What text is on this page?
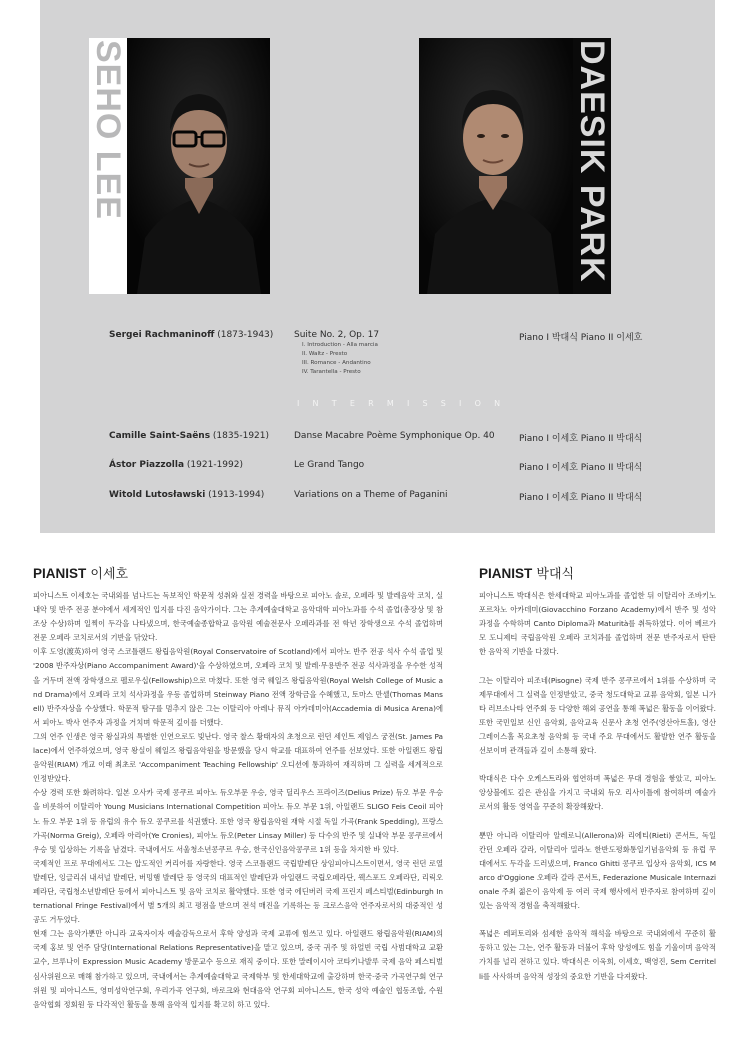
SEHO LEE	DAESIK PARK
Sergei Rachmaninoff (1873-1943) Suite No. 2, Op. 17	Piano I 박대식 Piano II 이세호
I. Introduction - Alla marcia
II. Waltz - Presto
III. Romance - Andantino
IV. Tarantella - Presto
INTERMISSION
Camille Saint-Saëns (1835-1921)	Danse Macabre Poème Symphonique Op. 40	Piano I 이세호 Piano II 박대식
Ástor Piazzolla (1921-1992)	Le Grand Tango	Piano I 이세호 Piano II 박대식
Witold Lutosławski (1913-1994)	Variations on a Theme of Paganini	Piano I 이세호 Piano II 박대식
PIANIST 이세호

피아니스트 이세호는 국내외를 넘나드는 독보적인 학문적 성취와 실전 경력을 바탕으로 피아노 솔로, 오페라 및 발레음악 코치, 실내악 및 반주 전공 분야에서 세계적인 입지를 다진 음악가이다. 그는 추계예술대학교 음악대학 피아노과를 수석 졸업(총장상 및 참조상 수상)하며 일찍이 두각을 나타냈으며, 한국예술종합학교 음악원 예술전문사 오페라과를 전 학년 장학생으로 수석 졸업하며 전문 오페라 코치로서의 기반을 닦았다.

이후 도영(渡英)하여 영국 스코틀랜드 왕립음악원(Royal Conservatoire of Scotland)에서 피아노 반주 전공 석사 수석 졸업 및 '2008 반주자상(Piano Accompaniment Award)'을 수상하였으며, 오페라 코치 및 발레·무용반주 전공 석사과정을 우수한 성적을 거두며 전액 장학생으로 펠로우십(Fellowship)으로 마쳤다. 또한 영국 웨일즈 왕립음악원(Royal Welsh College of Music and Drama)에서 오페라 코치 석사과정을 우등 졸업하며 Steinway Piano 전액 장학금을 수혜했고, 토마스 만셀(Thomas Mansell) 반주자상을 수상했다. 학문적 탐구를 멈추지 않은 그는 이탈리아 아레나 뮤직 아카데미아(Accademia di Musica Arena)에서 피아노 박사 연주자 과정을 거치며 학문적 깊이를 더했다.

그의 연주 인생은 영국 왕실과의 특별한 인연으로도 빛난다. 영국 찰스 황태자의 초청으로 런던 세인트 제임스 궁전(St. James Palace)에서 연주하였으며, 영국 왕실이 웨일즈 왕립음악원을 방문했을 당시 학교를 대표하여 연주를 선보였다. 또한 아일랜드 왕립음악원(RIAM) 개교 이래 최초로 'Accompaniment Teaching Fellowship' 오디션에 통과하여 재직하며 그 실력을 세계적으로 인정받았다.

수상 경력 또한 화려하다. 일본 오사카 국제 콩쿠르 피아노 듀오부문 우승, 영국 딜리우스 프라이즈(Delius Prize) 듀오 부문 우승을 비롯하여 이탈리아 Young Musicians International Competition 피아노 듀오 부문 1위, 아일랜드 SLIGO Feis Ceoil 피아노 듀오 부문 1위 등 유럽의 유수 듀오 콩쿠르를 석권했다. 또한 영국 왕립음악원 재학 시절 독일 가곡(Frank Spedding), 프랑스 가곡(Norma Greig), 오페라 아리아(Ye Cronies), 피아노 듀오(Peter Linsay Miller) 등 다수의 반주 및 실내악 부문 콩쿠르에서 우승 및 입상하는 기록을 남겼다. 국내에서도 서울청소년콩쿠르 우승, 한국신인음악콩쿠르 1위 등을 차지한 바 있다.

국제적인 프로 무대에서도 그는 압도적인 커리어를 자랑한다. 영국 스코틀랜드 국립발레단 상임피아니스트이면서, 영국 런던 로열 발레단, 잉글리쉬 내셔널 발레단, 버밍햄 발레단 등 영국의 대표적인 발레단과 아일랜드 국립오페라단, 웩스포드 오페라단, 리릭오페라단, 국립청소년발레단 등에서 피아니스트 및 음악 코치로 활약했다. 또한 영국 에딘버러 국제 프린지 페스티벌(Edinburgh International Fringe Festival)에서 별 5개의 최고 평점을 받으며 전석 매진을 기록하는 등 크로스음악 연주자로서의 대중적인 성공도 거두었다.

현재 그는 음악가뿐만 아니라 교육자이자 예술감독으로서 후학 양성과 국제 교류에 힘쓰고 있다. 아일랜드 왕립음악원(RIAM)의 국제 홍보 및 연주 담당(International Relations Representative)을 맡고 있으며, 중국 귀주 및 하얼빈 국립 사범대학교 교환교수, 브루나이 Expression Music Academy 방문교수 등으로 재직 중이다. 또한 말레이시아 코타키나발루 국제 음악 페스티벌 심사위원으로 매해 참가하고 있으며, 국내에서는 추계예술대학교 국제학부 및 한세대학교에 출강하며 한국·중국 가곡연구회 연구위원 및 피아니스트, 영미성악연구회, 우리가곡 연구회, 바로크와 현대음악 연구회 피아니스트, 한국 성악 예술인 협동조합, 수원음악협회 정회원 등 다각적인 활동을 통해 음악적 입지를 확고히 하고 있다.

PIANIST 박대식

피아니스트 박대식은 한세대학교 피아노과를 졸업한 뒤 이탈리아 조바키노 포르차노 아카데미(Giovacchino Forzano Academy)에서 반주 및 성악 과정을 수학하며 Canto Diploma과 Maturità를 취득하였다. 이어 베르가모 도니제티 국립음악원 오페라 코치과를 졸업하며 전문 반주자로서 탄탄한 음악적 기반을 다졌다.

그는 이탈리아 피조네(Pisogne) 국제 반주 콩쿠르에서 1위를 수상하며 국제무대에서 그 실력을 인정받았고, 중국 청도대학교 교류 음악회, 일본 니가타 러브소나타 연주회 등 다양한 해외 공연을 통해 폭넓은 활동을 이어왔다. 또한 국민일보 신인 음악회, 음악교육 신문사 초청 연주(영산아트홀), 영산 그레이스홀 목요초청 음악회 등 국내 주요 무대에서도 활발한 연주 활동을 선보이며 관객들과 깊이 소통해 왔다.

박대식은 다수 오케스트라와 협연하며 폭넓은 무대 경험을 쌓았고, 피아노 앙상블에도 깊은 관심을 가지고 국내외 듀오 리사이틀에 참여하며 예술가로서의 활동 영역을 꾸준히 확장해왔다.

뿐만 아니라 이탈리아 알레로니(Allerona)와 리에티(Rieti) 콘서트, 독일 칸던 오페라 갈라, 이탈리아 밀라노 한반도평화통일기념음악회 등 유럽 무대에서도 두각을 드러냈으며, Franco Ghitti 콩쿠르 입상자 음악회, ICS Marco d'Oggione 오페라 갈라 콘서트, Federazione Musicale Internazionale 주최 젊은이 음악제 등 여러 국제 행사에서 반주자로 참여하며 깊이 있는 음악적 경험을 축적해왔다.

폭넓은 레퍼토리와 섬세한 음악적 해석을 바탕으로 국내외에서 꾸준히 활동하고 있는 그는, 연주 활동과 더불어 후학 양성에도 힘을 기울이며 음악적 가치를 널리 전하고 있다. 박대식은 이욱희, 이세호, 백영진, Sem Cerritelli를 사사하며 음악적 성장의 중요한 기반을 다져왔다.
